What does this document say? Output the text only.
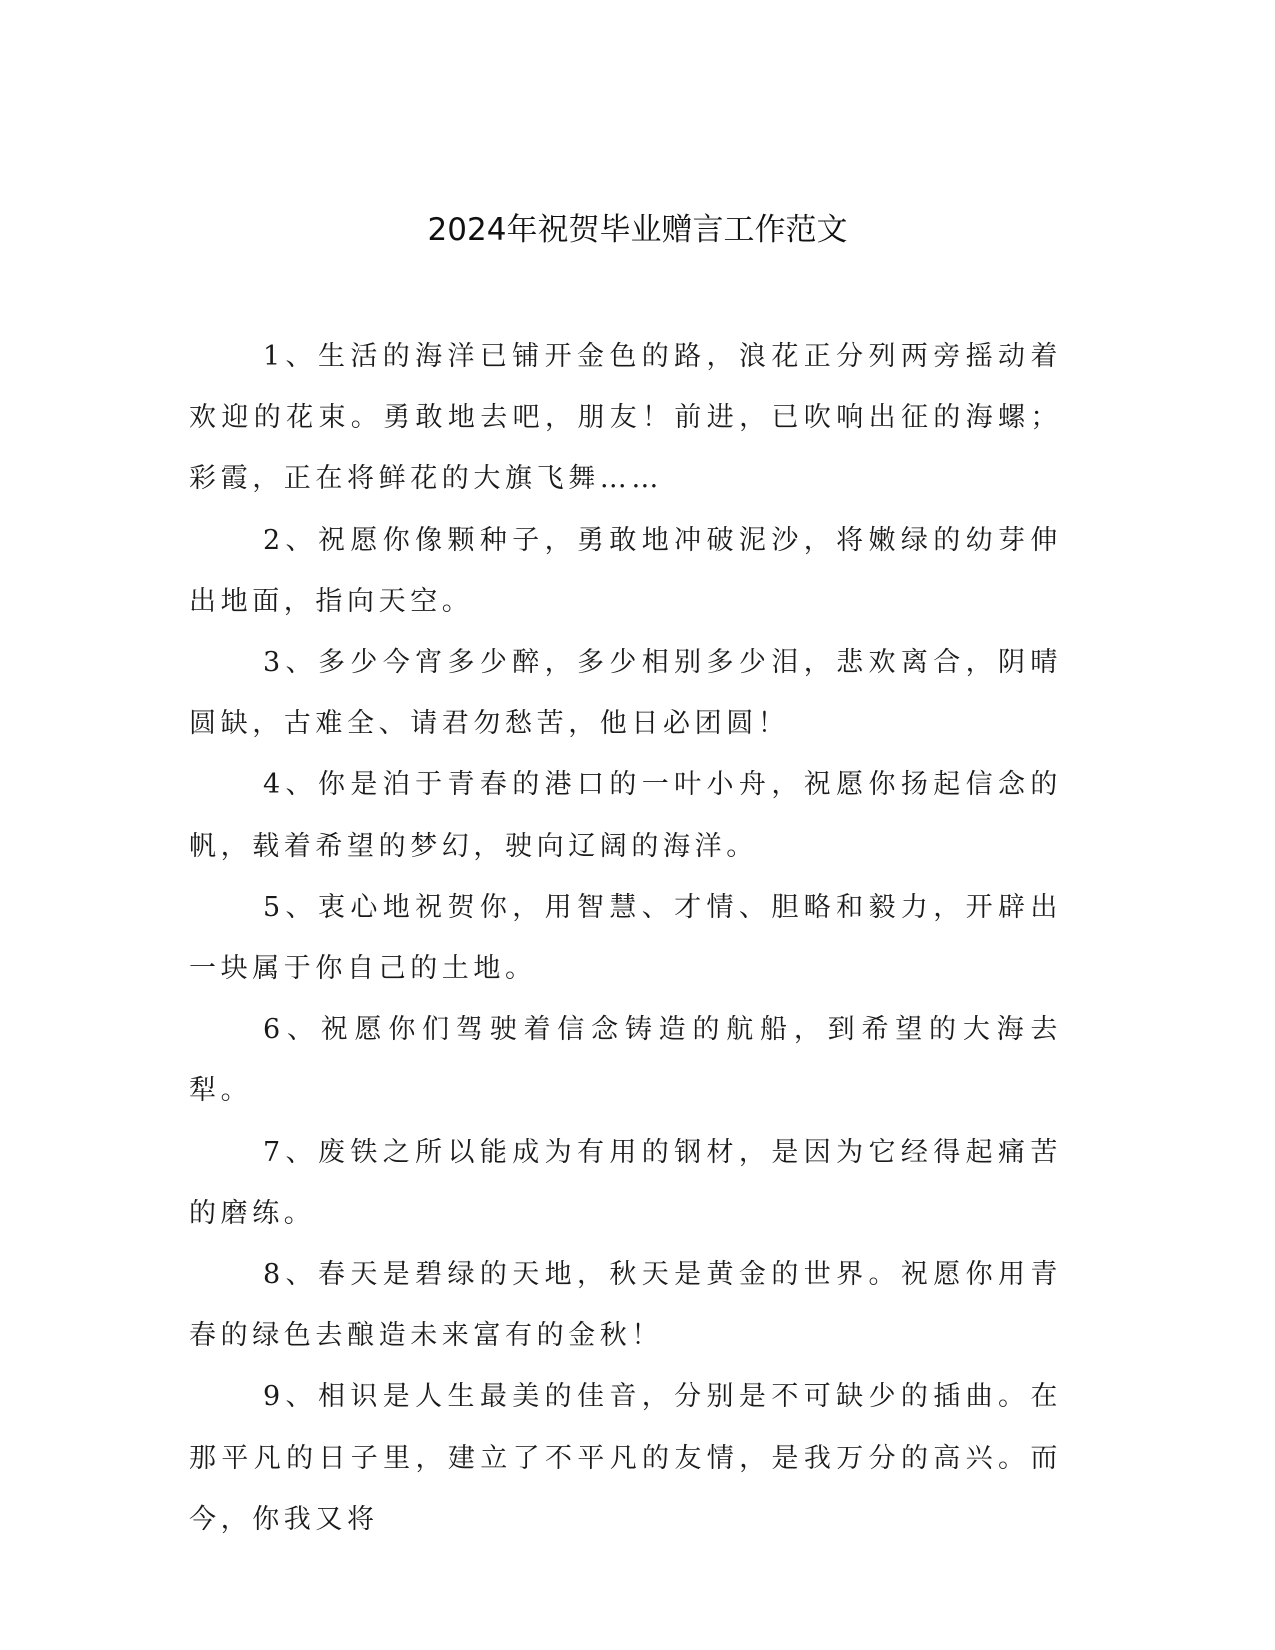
2024年祝贺毕业赠言工作范文

1、生活的海洋已铺开金色的路，浪花正分列两旁摇动着欢迎的花束。勇敢地去吧，朋友！前进，已吹响出征的海螺；彩霞，正在将鲜花的大旗飞舞……

2、祝愿你像颗种子，勇敢地冲破泥沙，将嫩绿的幼芽伸出地面，指向天空。

3、多少今宵多少醉，多少相别多少泪，悲欢离合，阴晴圆缺，古难全、请君勿愁苦，他日必团圆！

4、你是泊于青春的港口的一叶小舟，祝愿你扬起信念的帆，载着希望的梦幻，驶向辽阔的海洋。

5、衷心地祝贺你，用智慧、才情、胆略和毅力，开辟出一块属于你自己的土地。

6、祝愿你们驾驶着信念铸造的航船，到希望的大海去犁。

7、废铁之所以能成为有用的钢材，是因为它经得起痛苦的磨练。

8、春天是碧绿的天地，秋天是黄金的世界。祝愿你用青春的绿色去酿造未来富有的金秋！

9、相识是人生最美的佳音，分别是不可缺少的插曲。在那平凡的日子里，建立了不平凡的友情，是我万分的高兴。而今，你我又将
